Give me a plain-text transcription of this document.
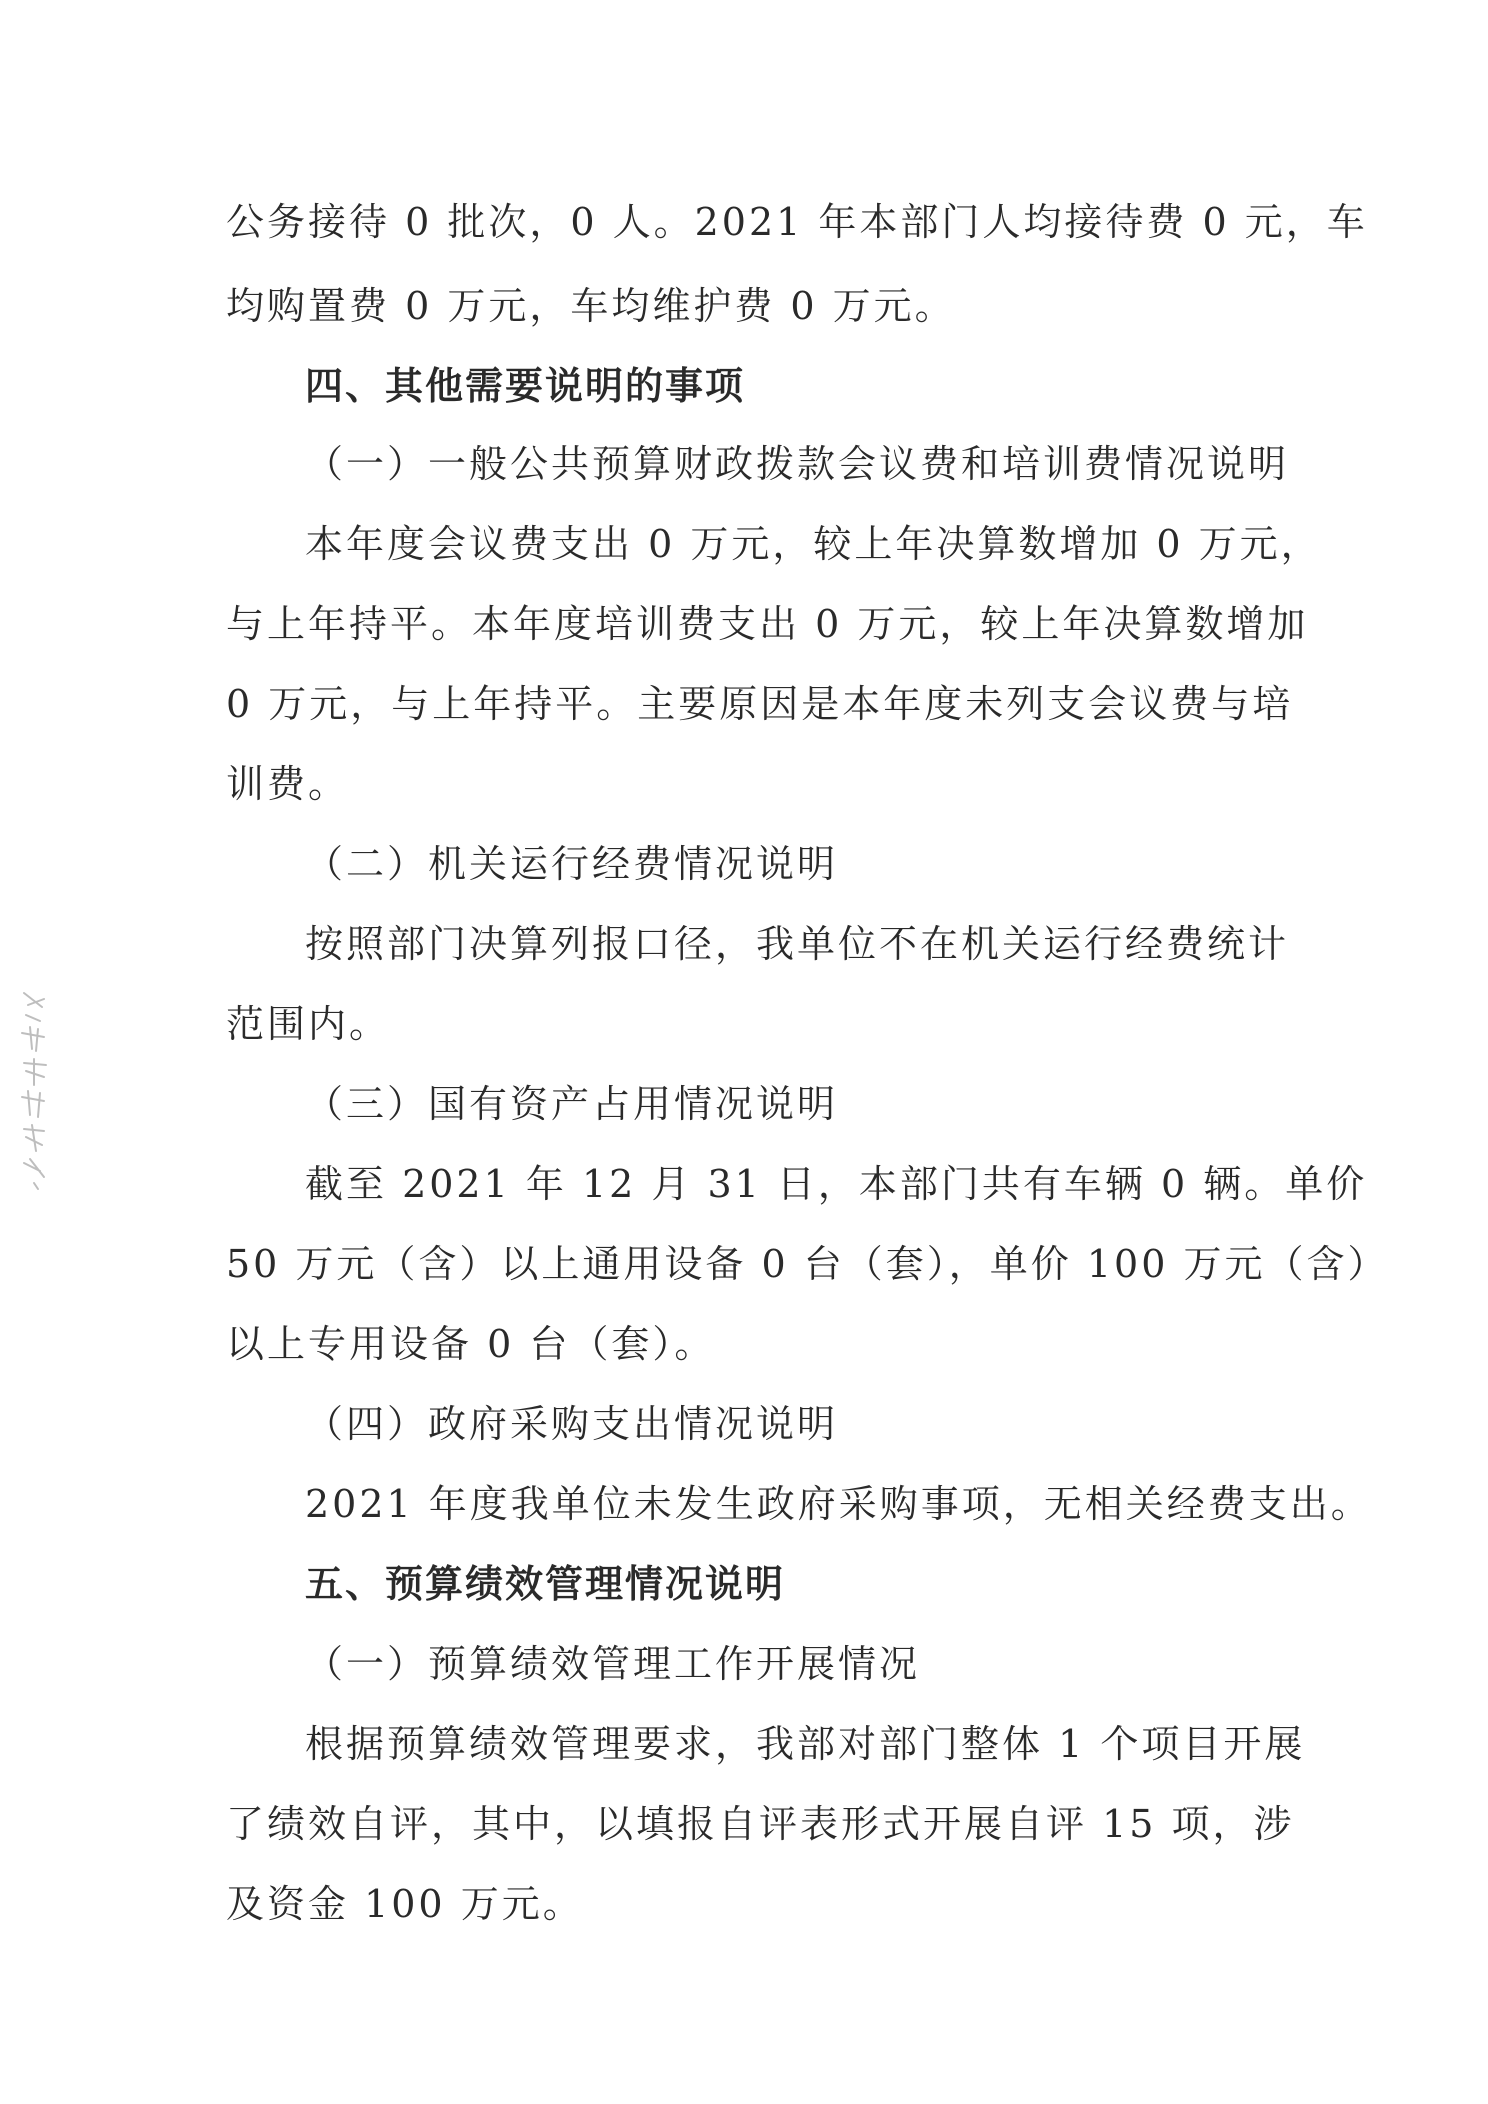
公务接待 0 批次，0 人。2021 年本部门人均接待费 0 元，车
均购置费 0 万元，车均维护费 0 万元。
四、其他需要说明的事项
（一）一般公共预算财政拨款会议费和培训费情况说明
本年度会议费支出 0 万元，较上年决算数增加 0 万元，
与上年持平。本年度培训费支出 0 万元，较上年决算数增加
0 万元，与上年持平。主要原因是本年度未列支会议费与培
训费。
（二）机关运行经费情况说明
按照部门决算列报口径，我单位不在机关运行经费统计
范围内。
（三）国有资产占用情况说明
截至 2021 年 12 月 31 日，本部门共有车辆 0 辆。单价
50 万元（含）以上通用设备 0 台（套），单价 100 万元（含）
以上专用设备 0 台（套）。
（四）政府采购支出情况说明
2021 年度我单位未发生政府采购事项，无相关经费支出。
五、预算绩效管理情况说明
（一）预算绩效管理工作开展情况
根据预算绩效管理要求，我部对部门整体 1 个项目开展
了绩效自评，其中，以填报自评表形式开展自评 15 项，涉
及资金 100 万元。
